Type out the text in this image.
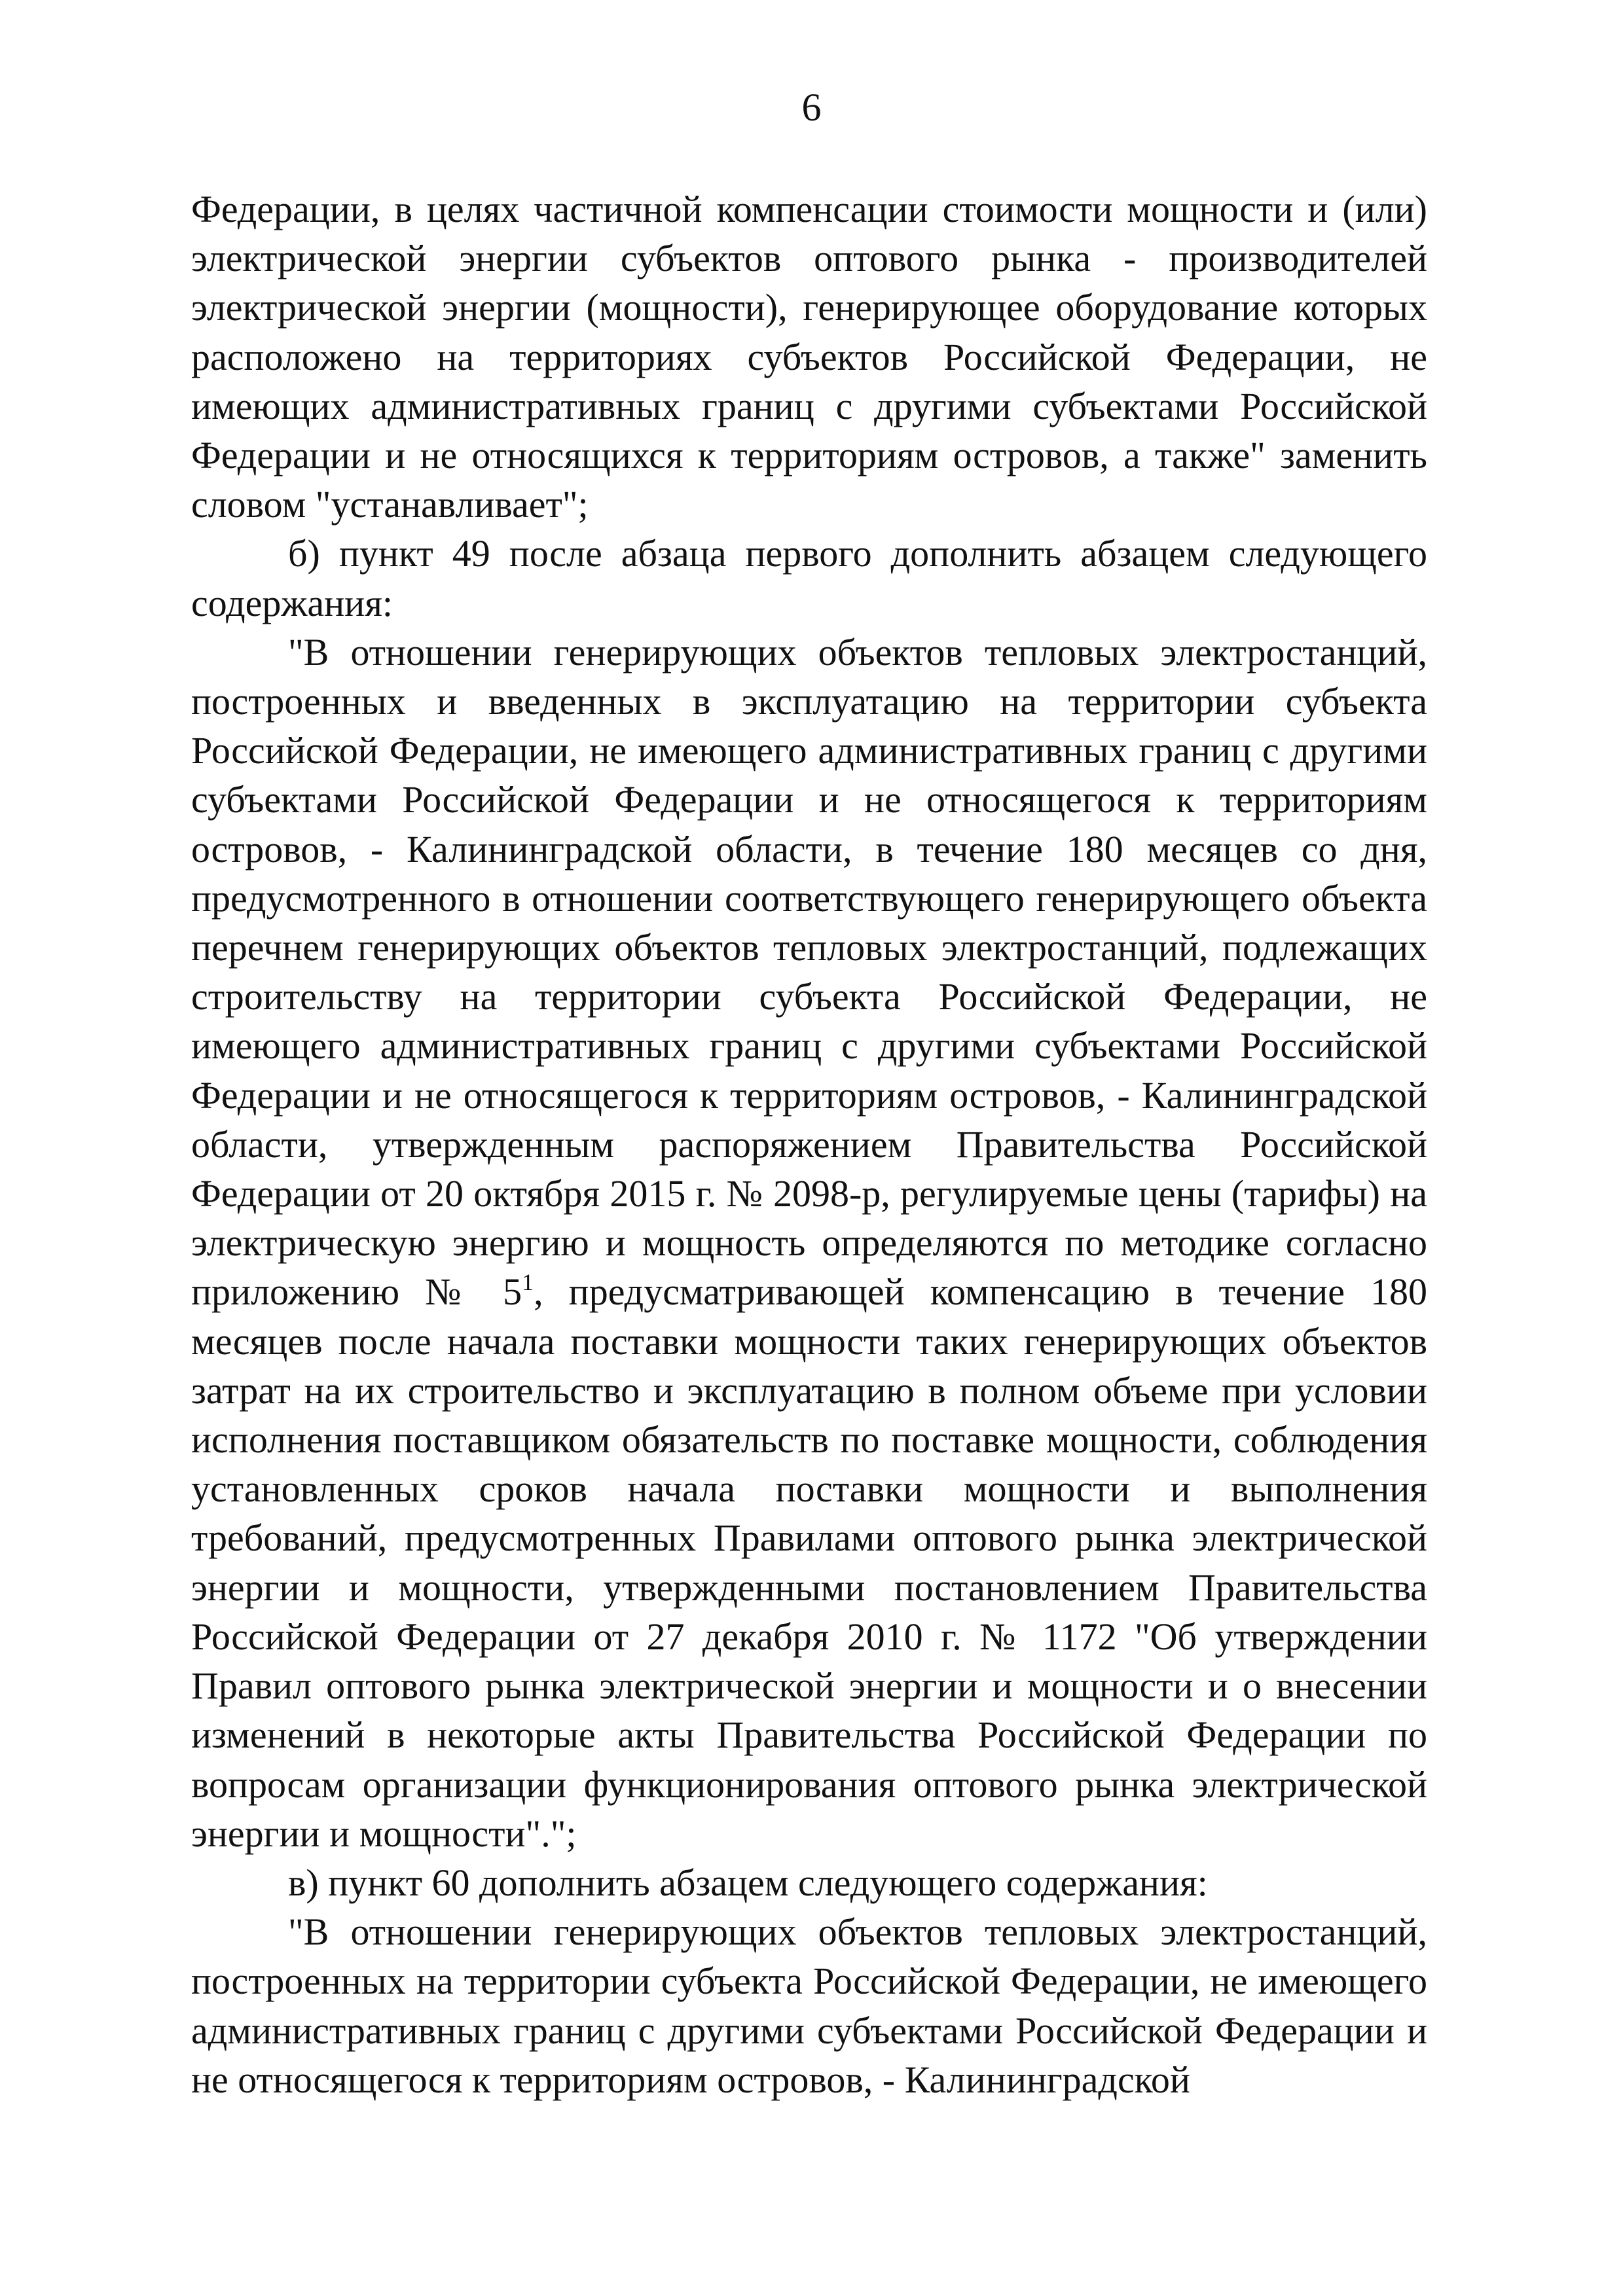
6

Федерации, в целях частичной компенсации стоимости мощности и (или) электрической энергии субъектов оптового рынка - производителей электрической энергии (мощности), генерирующее оборудование которых расположено на территориях субъектов Российской Федерации, не имеющих административных границ с другими субъектами Российской Федерации и не относящихся к территориям островов, а также" заменить словом "устанавливает";

б) пункт 49 после абзаца первого дополнить абзацем следующего содержания:

"В отношении генерирующих объектов тепловых электростанций, построенных и введенных в эксплуатацию на территории субъекта Российской Федерации, не имеющего административных границ с другими субъектами Российской Федерации и не относящегося к территориям островов, - Калининградской области, в течение 180 месяцев со дня, предусмотренного в отношении соответствующего генерирующего объекта перечнем генерирующих объектов тепловых электростанций, подлежащих строительству на территории субъекта Российской Федерации, не имеющего административных границ с другими субъектами Российской Федерации и не относящегося к территориям островов, - Калининградской области, утвержденным распоряжением Правительства Российской Федерации от 20 октября 2015 г. № 2098-р, регулируемые цены (тарифы) на электрическую энергию и мощность определяются по методике согласно приложению № $5^1$, предусматривающей компенсацию в течение 180 месяцев после начала поставки мощности таких генерирующих объектов затрат на их строительство и эксплуатацию в полном объеме при условии исполнения поставщиком обязательств по поставке мощности, соблюдения установленных сроков начала поставки мощности и выполнения требований, предусмотренных Правилами оптового рынка электрической энергии и мощности, утвержденными постановлением Правительства Российской Федерации от 27 декабря 2010 г. № 1172 "Об утверждении Правил оптового рынка электрической энергии и мощности и о внесении изменений в некоторые акты Правительства Российской Федерации по вопросам организации функционирования оптового рынка электрической энергии и мощности".";

в) пункт 60 дополнить абзацем следующего содержания:

"В отношении генерирующих объектов тепловых электростанций, построенных на территории субъекта Российской Федерации, не имеющего административных границ с другими субъектами Российской Федерации и не относящегося к территориям островов, - Калининградской
